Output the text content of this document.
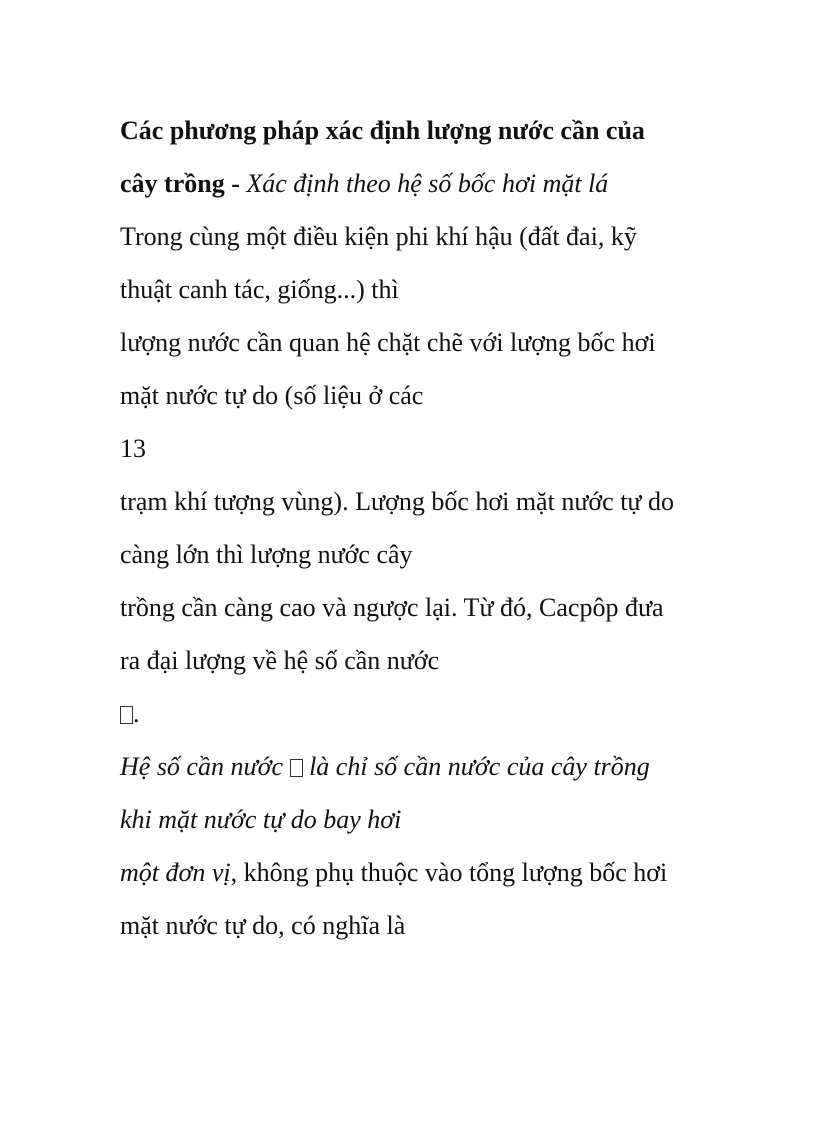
Các phương pháp xác định lượng nước cần của
cây trồng - Xác định theo hệ số bốc hơi mặt lá
Trong cùng một điều kiện phi khí hậu (đất đai, kỹ
thuật canh tác, giống...) thì
lượng nước cần quan hệ chặt chẽ với lượng bốc hơi
mặt nước tự do (số liệu ở các
13
trạm khí tượng vùng). Lượng bốc hơi mặt nước tự do
càng lớn thì lượng nước cây
trồng cần càng cao và ngược lại. Từ đó, Cacpôp đưa
ra đại lượng về hệ số cần nước
.
Hệ số cần nước  là chỉ số cần nước của cây trồng
khi mặt nước tự do bay hơi
một đơn vị, không phụ thuộc vào tổng lượng bốc hơi
mặt nước tự do, có nghĩa là
